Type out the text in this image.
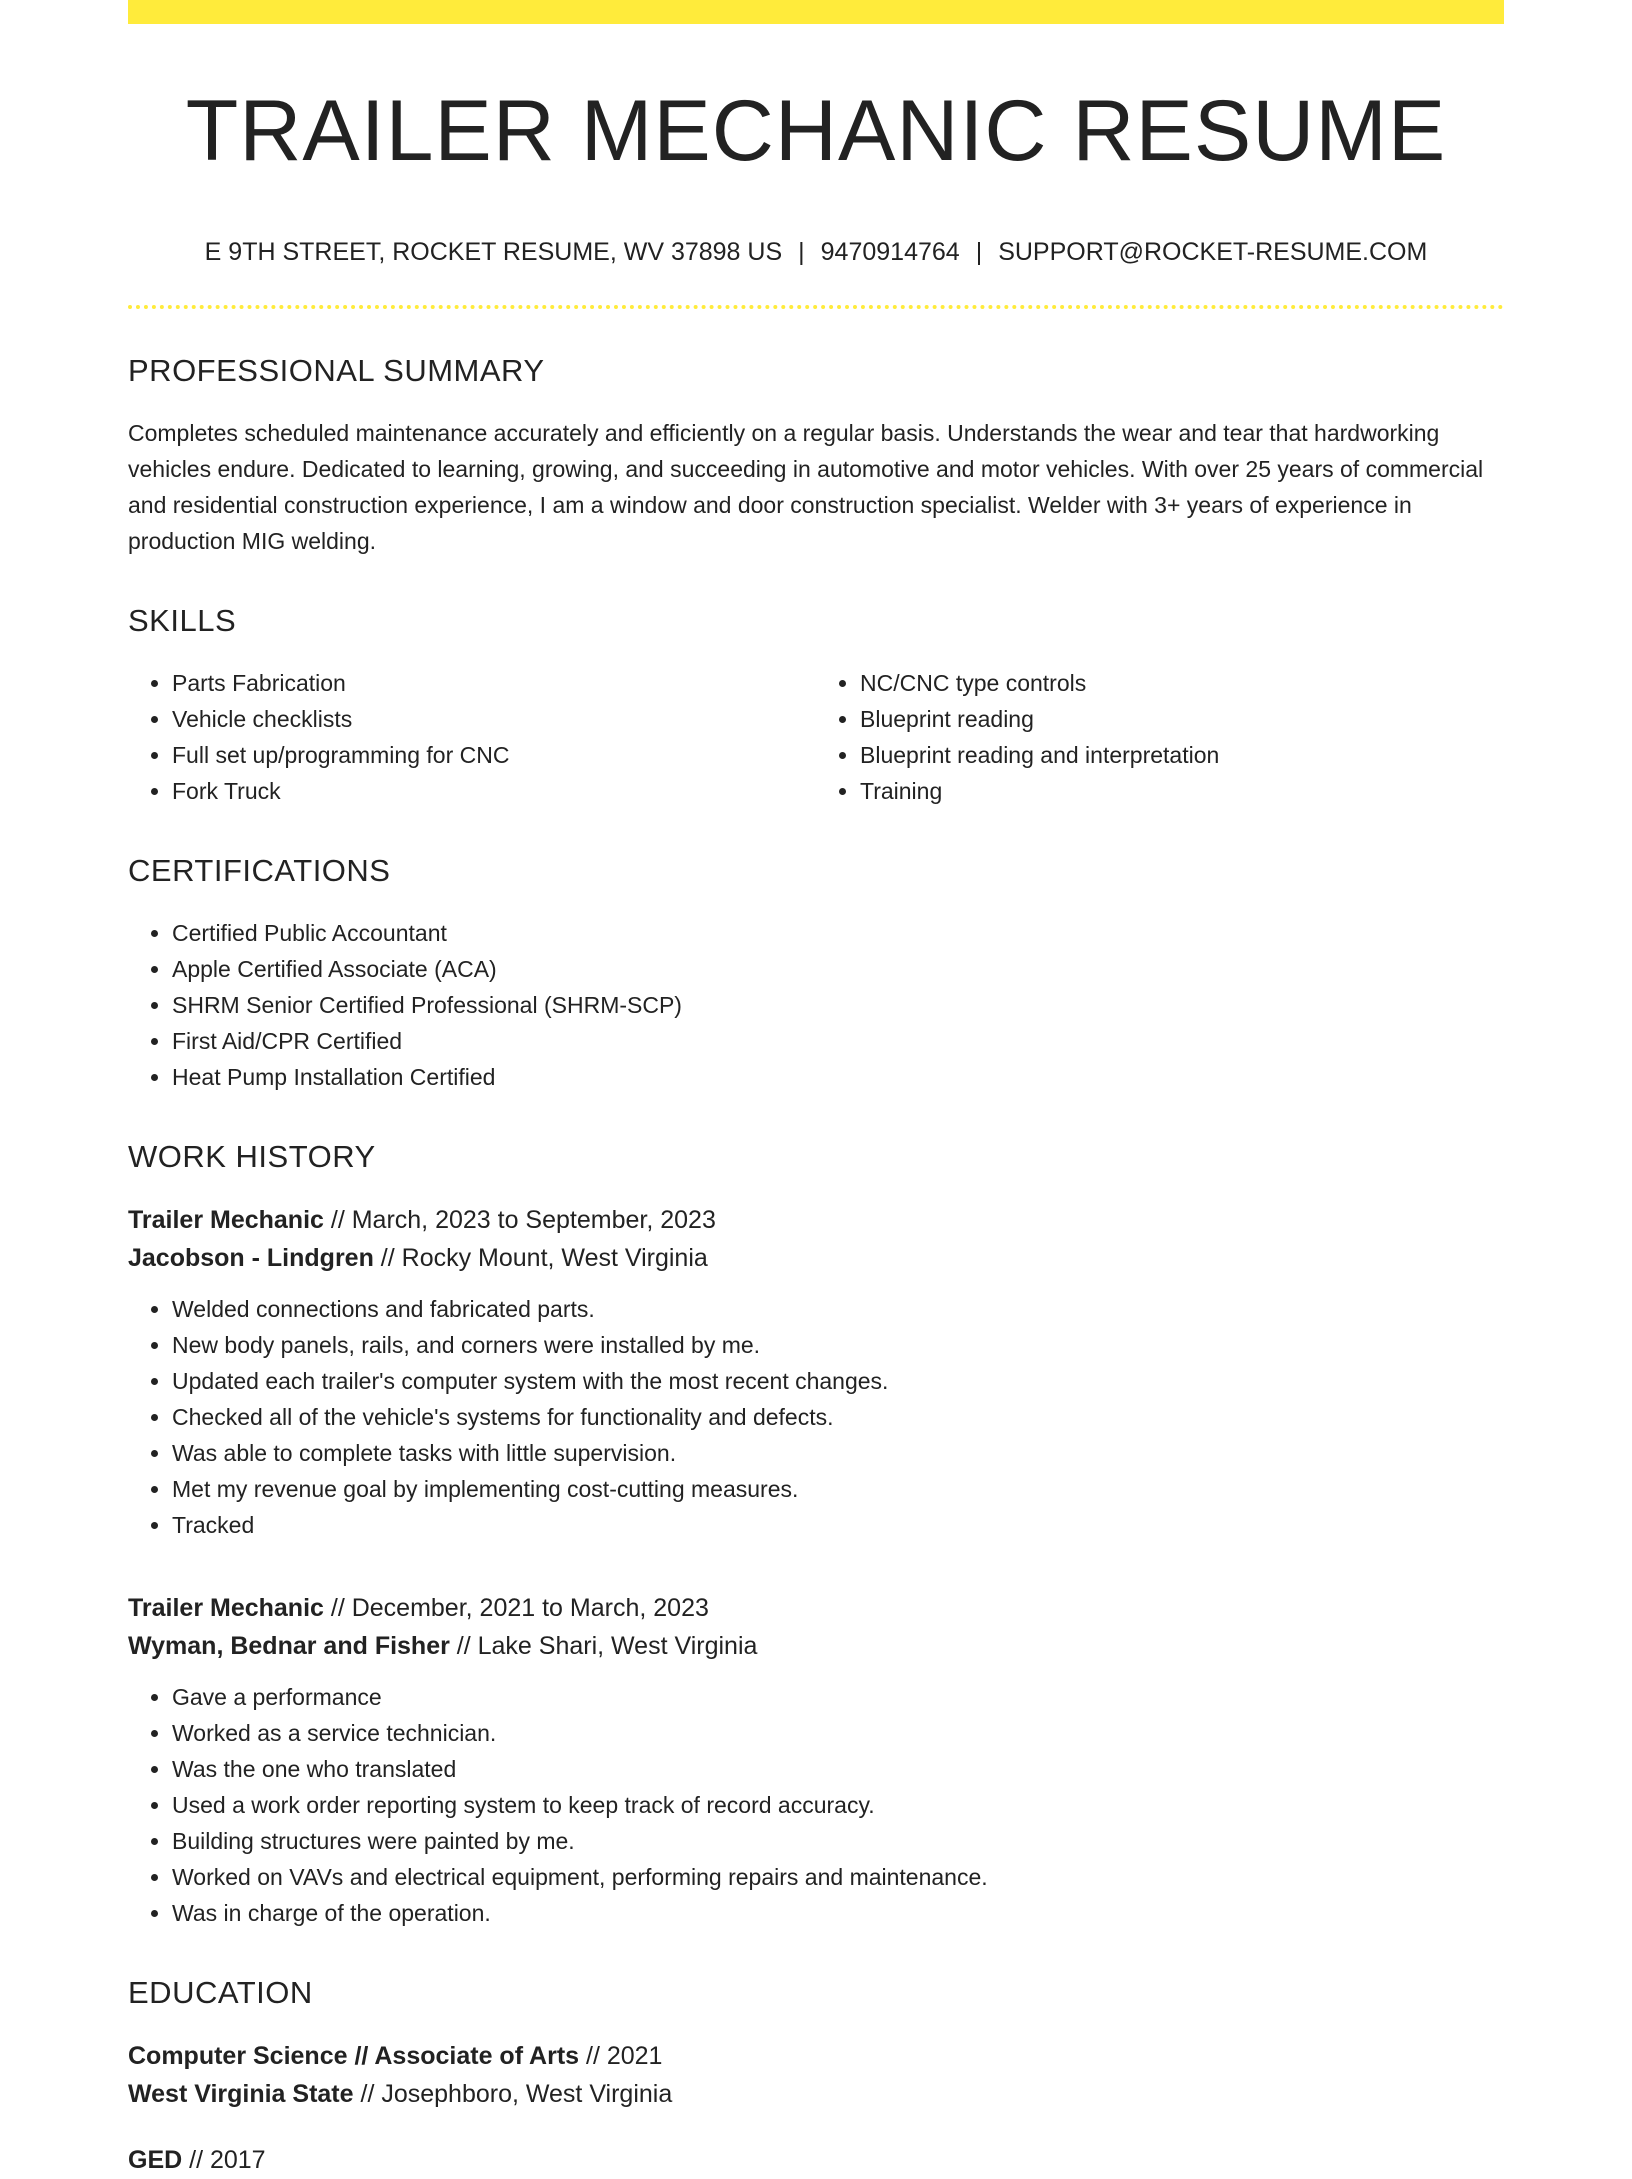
TRAILER MECHANIC RESUME
E 9TH STREET, ROCKET RESUME, WV 37898 US | 9470914764 | SUPPORT@ROCKET-RESUME.COM
PROFESSIONAL SUMMARY

Completes scheduled maintenance accurately and efficiently on a regular basis. Understands the wear and tear that hardworking vehicles endure. Dedicated to learning, growing, and succeeding in automotive and motor vehicles. With over 25 years of commercial and residential construction experience, I am a window and door construction specialist. Welder with 3+ years of experience in production MIG welding.

SKILLS
• Parts Fabrication
• Vehicle checklists
• Full set up/programming for CNC
• Fork Truck
• NC/CNC type controls
• Blueprint reading
• Blueprint reading and interpretation
• Training
CERTIFICATIONS
• Certified Public Accountant
• Apple Certified Associate (ACA)
• SHRM Senior Certified Professional (SHRM-SCP)
• First Aid/CPR Certified
• Heat Pump Installation Certified
WORK HISTORY
Trailer Mechanic // March, 2023 to September, 2023
Jacobson - Lindgren // Rocky Mount, West Virginia
• Welded connections and fabricated parts.
• New body panels, rails, and corners were installed by me.
• Updated each trailer's computer system with the most recent changes.
• Checked all of the vehicle's systems for functionality and defects.
• Was able to complete tasks with little supervision.
• Met my revenue goal by implementing cost-cutting measures.
• Tracked
Trailer Mechanic // December, 2021 to March, 2023
Wyman, Bednar and Fisher // Lake Shari, West Virginia
• Gave a performance
• Worked as a service technician.
• Was the one who translated
• Used a work order reporting system to keep track of record accuracy.
• Building structures were painted by me.
• Worked on VAVs and electrical equipment, performing repairs and maintenance.
• Was in charge of the operation.
EDUCATION
Computer Science // Associate of Arts // 2021
West Virginia State // Josephboro, West Virginia
GED // 2017
